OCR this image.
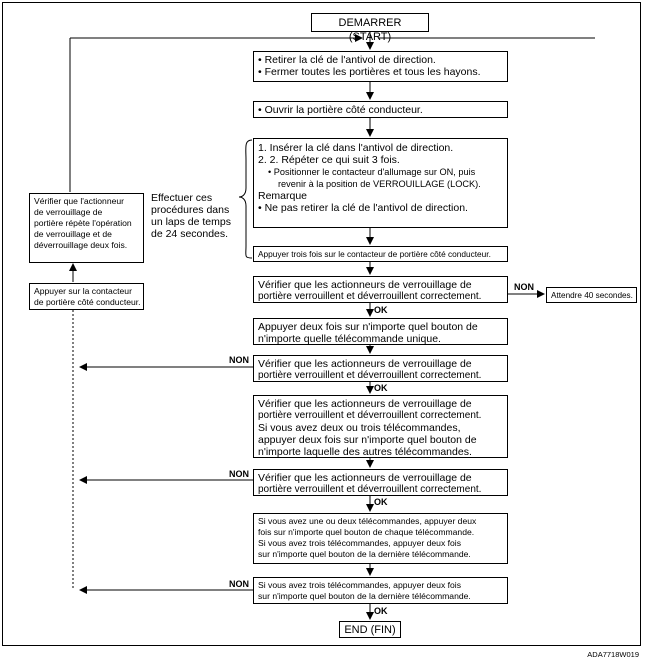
DEMARRER (START)
• Retirer la clé de l'antivol de direction.
• Fermer toutes les portières et tous les hayons.
• Ouvrir la portière côté conducteur.
1. Insérer la clé dans l'antivol de direction.
2. 2. Répéter ce qui suit 3 fois.
• Positionner le contacteur d'allumage sur ON, puis
revenir à la position de VERROUILLAGE (LOCK).
Remarque
• Ne pas retirer la clé de l'antivol de direction.
Appuyer trois fois sur le contacteur de portière côté conducteur.
Vérifier que les actionneurs de verrouillage de
portière verrouillent et déverrouillent correctement.
Appuyer deux fois sur n'importe quel bouton de
n'importe quelle télécommande unique.
Vérifier que les actionneurs de verrouillage de
portière verrouillent et déverrouillent correctement.
Vérifier que les actionneurs de verrouillage de
portière verrouillent et déverrouillent correctement.
Si vous avez deux ou trois télécommandes,
appuyer deux fois sur n'importe quel bouton de
n'importe laquelle des autres télécommandes.
Vérifier que les actionneurs de verrouillage de
portière verrouillent et déverrouillent correctement.
Si vous avez une ou deux télécommandes, appuyer deux
fois sur n'importe quel bouton de chaque télécommande.
Si vous avez trois télécommandes, appuyer deux fois
sur n'importe quel bouton de la dernière télécommande.
Si vous avez trois télécommandes, appuyer deux fois
sur n'importe quel bouton de la dernière télécommande.
END (FIN)
Attendre 40 secondes.
Vérifier que l'actionneur
de verrouillage de
portière répète l'opération
de verrouillage et de
déverrouillage deux fois.
Appuyer sur la contacteur
de portière côté conducteur.
Effectuer ces
procédures dans
un laps de temps
de 24 secondes.
OK
OK
OK
OK
NON
NON
NON
NON
ADA7718W019
